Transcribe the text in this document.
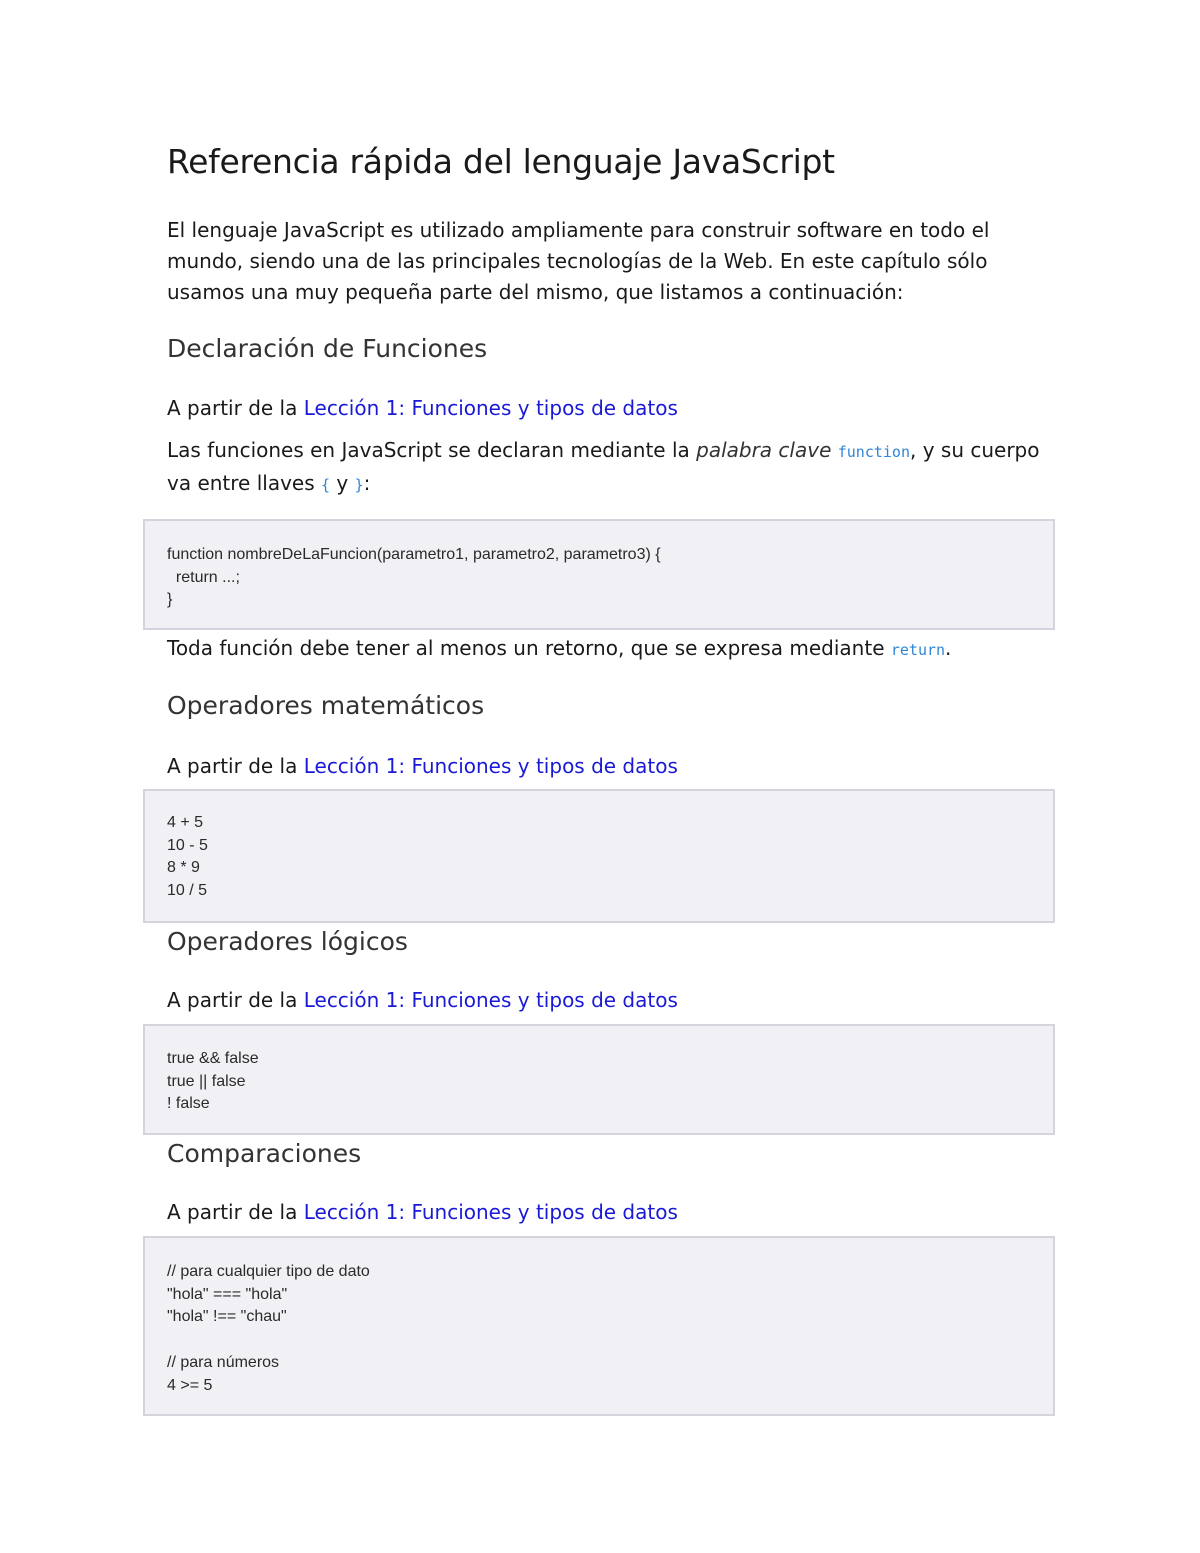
Referencia rápida del lenguaje JavaScript

El lenguaje JavaScript es utilizado ampliamente para construir software en todo el mundo, siendo una de las principales tecnologías de la Web. En este capítulo sólo usamos una muy pequeña parte del mismo, que listamos a continuación:

Declaración de Funciones

A partir de la Lección 1: Funciones y tipos de datos

Las funciones en JavaScript se declaran mediante la palabra clave function, y su cuerpo va entre llaves { y }:

function nombreDeLaFuncion(parametro1, parametro2, parametro3) {
return ...;
}

Toda función debe tener al menos un retorno, que se expresa mediante return.

Operadores matemáticos

A partir de la Lección 1: Funciones y tipos de datos

4 + 5
10 - 5
8 * 9
10 / 5
Operadores lógicos

A partir de la Lección 1: Funciones y tipos de datos

true && false
true || false
! false
Comparaciones

A partir de la Lección 1: Funciones y tipos de datos

// para cualquier tipo de dato
"hola" === "hola"
"hola" !== "chau"

// para números
4 >= 5
